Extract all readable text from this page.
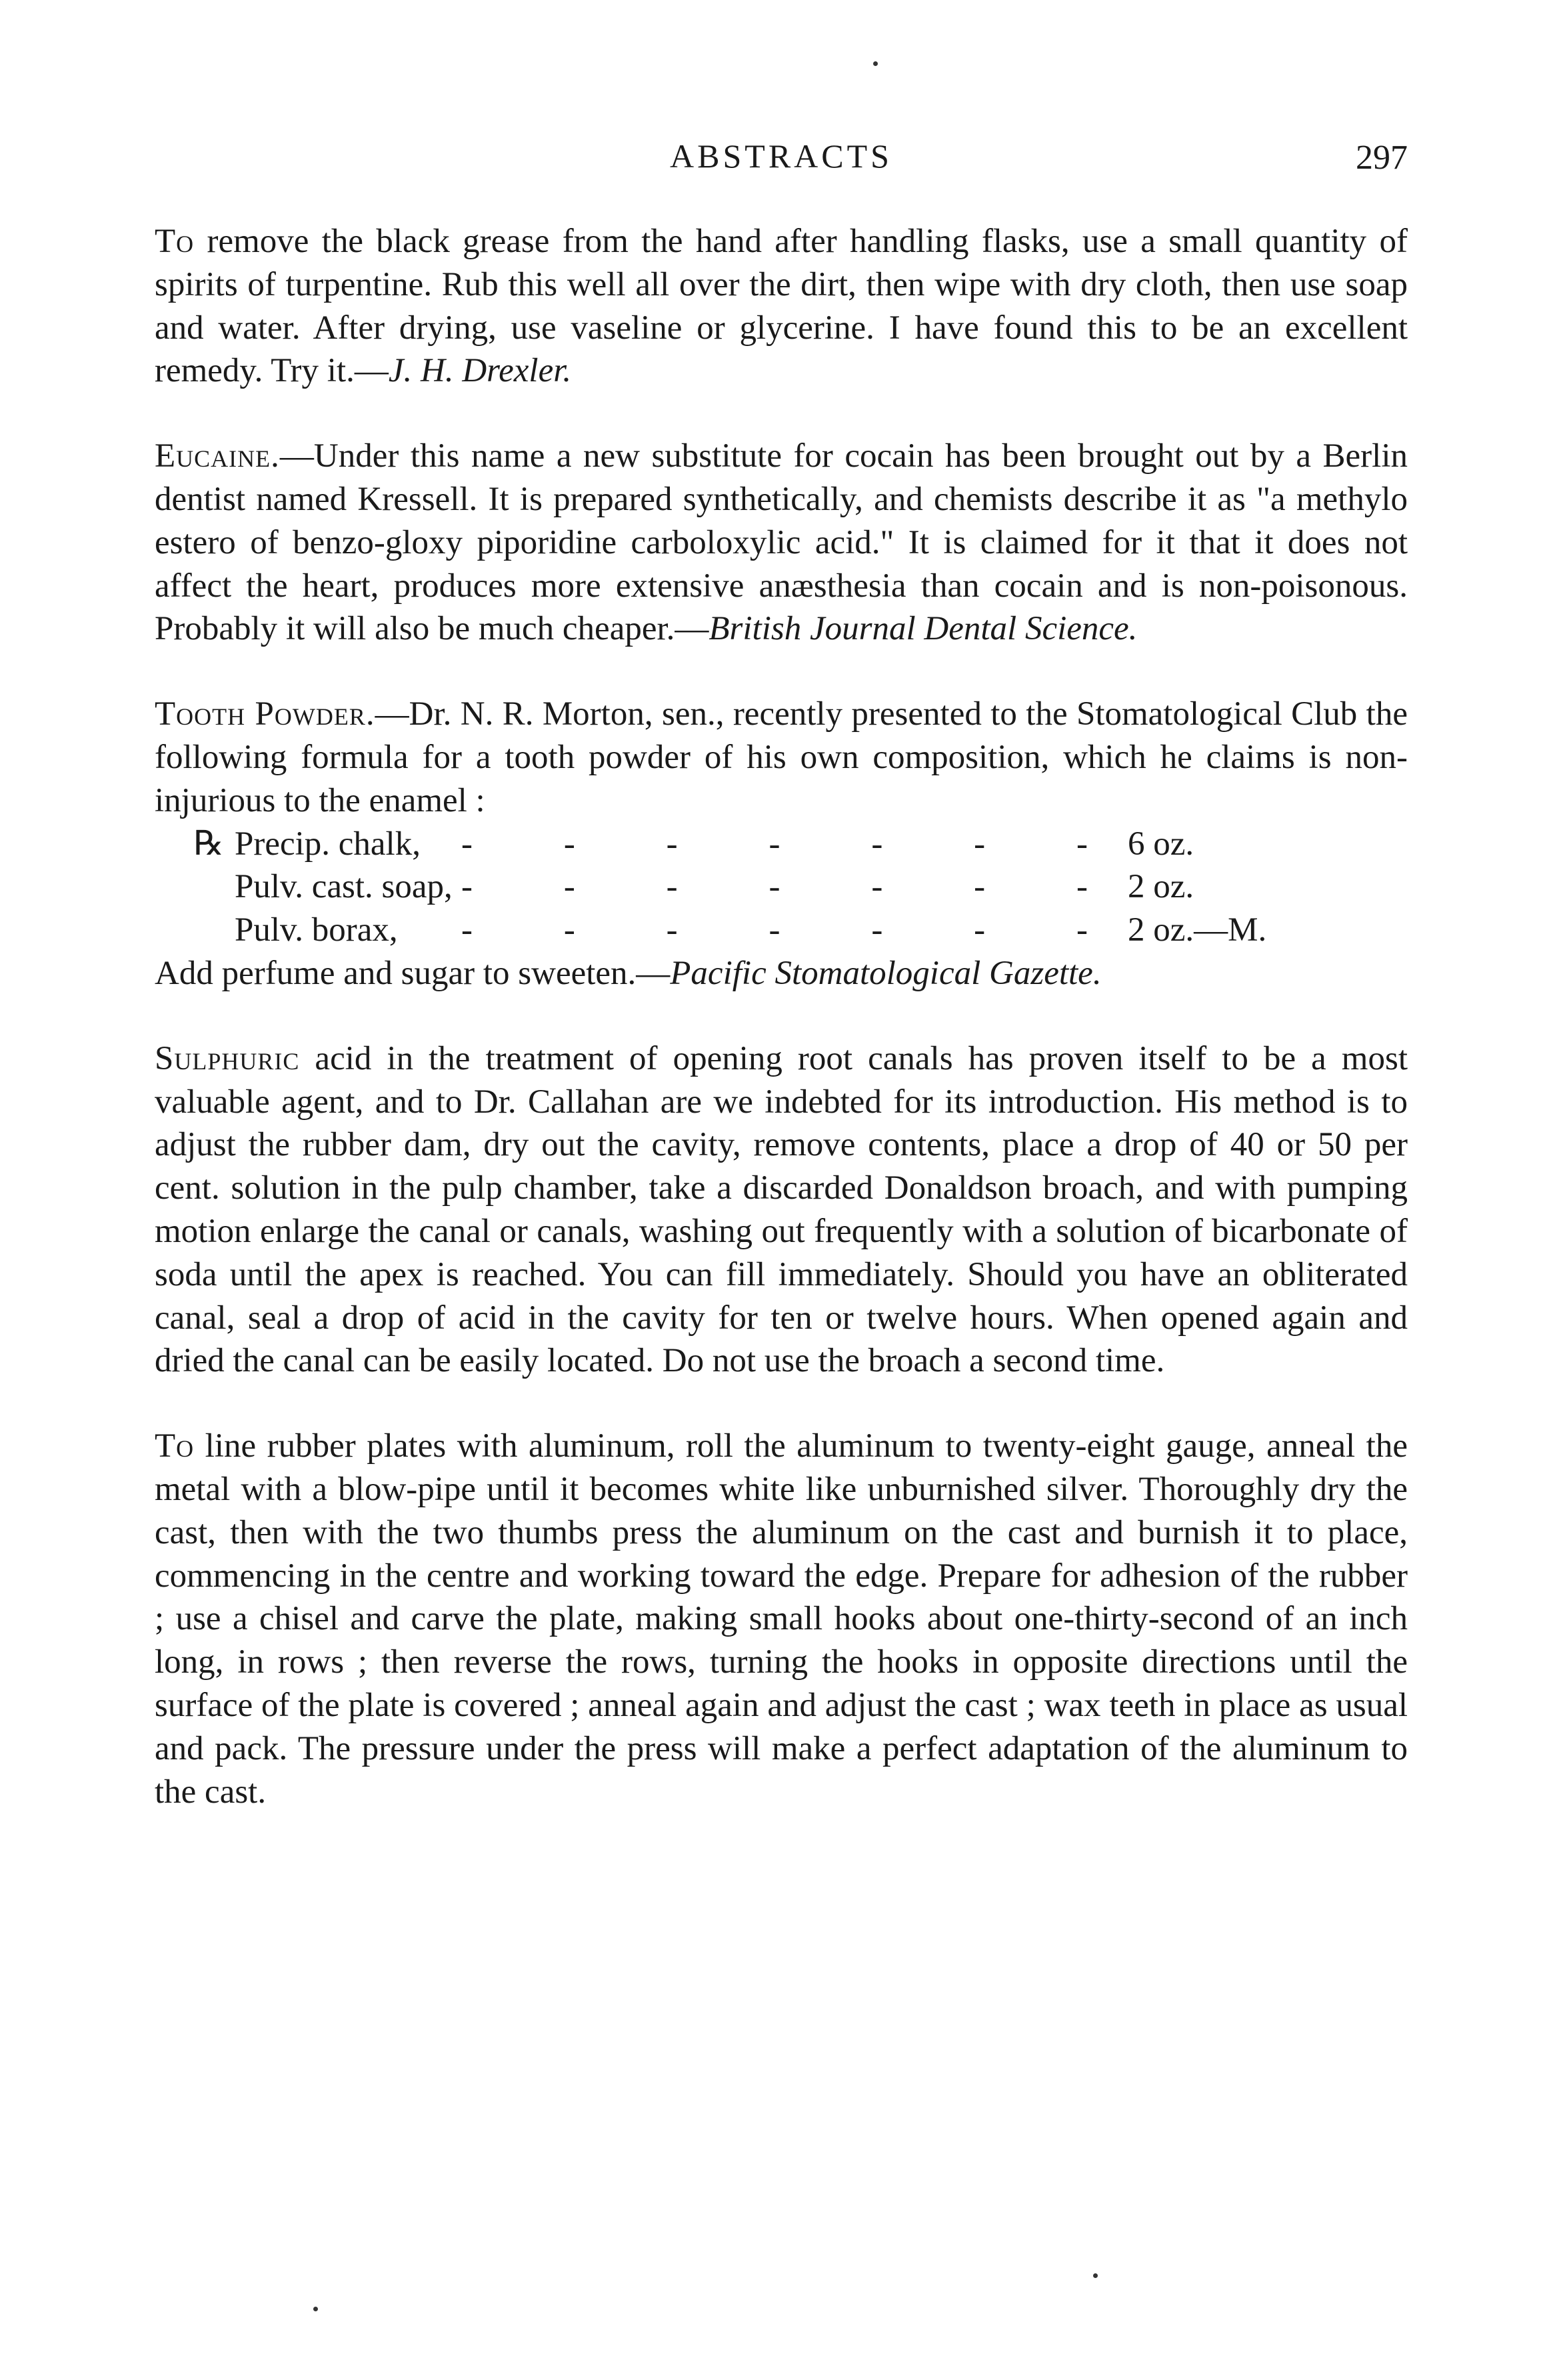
ABSTRACTS	297

To remove the black grease from the hand after handling flasks, use a small quantity of spirits of turpentine. Rub this well all over the dirt, then wipe with dry cloth, then use soap and water. After drying, use vaseline or glycerine. I have found this to be an excellent remedy. Try it.—J. H. Drexler.

Eucaine.—Under this name a new substitute for cocain has been brought out by a Berlin dentist named Kressell. It is prepared synthetically, and chemists describe it as "a methylo estero of benzo-gloxy piporidine carboloxylic acid." It is claimed for it that it does not affect the heart, produces more extensive anæsthesia than cocain and is non-poisonous. Probably it will also be much cheaper.—British Journal Dental Science.

Tooth Powder.—Dr. N. R. Morton, sen., recently presented to the Stomatological Club the following formula for a tooth powder of his own composition, which he claims is non-injurious to the enamel :

℞ Precip. chalk,	-	-	-	-	-	-	- 6 oz.
Pulv. cast. soap, -	-	-	-	-	-	- 2 oz.
Pulv. borax,	-	-	-	-	-	-	- 2 oz.—M.

Add perfume and sugar to sweeten.—Pacific Stomatological Gazette.

Sulphuric acid in the treatment of opening root canals has proven itself to be a most valuable agent, and to Dr. Callahan are we indebted for its introduction. His method is to adjust the rubber dam, dry out the cavity, remove contents, place a drop of 40 or 50 per cent. solution in the pulp chamber, take a discarded Donaldson broach, and with pumping motion enlarge the canal or canals, washing out frequently with a solution of bicarbonate of soda until the apex is reached. You can fill immediately. Should you have an obliterated canal, seal a drop of acid in the cavity for ten or twelve hours. When opened again and dried the canal can be easily located. Do not use the broach a second time.

To line rubber plates with aluminum, roll the aluminum to twenty-eight gauge, anneal the metal with a blow-pipe until it becomes white like unburnished silver. Thoroughly dry the cast, then with the two thumbs press the aluminum on the cast and burnish it to place, commencing in the centre and working toward the edge. Prepare for adhesion of the rubber ; use a chisel and carve the plate, making small hooks about one-thirty-second of an inch long, in rows ; then reverse the rows, turning the hooks in opposite directions until the surface of the plate is covered ; anneal again and adjust the cast ; wax teeth in place as usual and pack. The pressure under the press will make a perfect adaptation of the aluminum to the cast.
